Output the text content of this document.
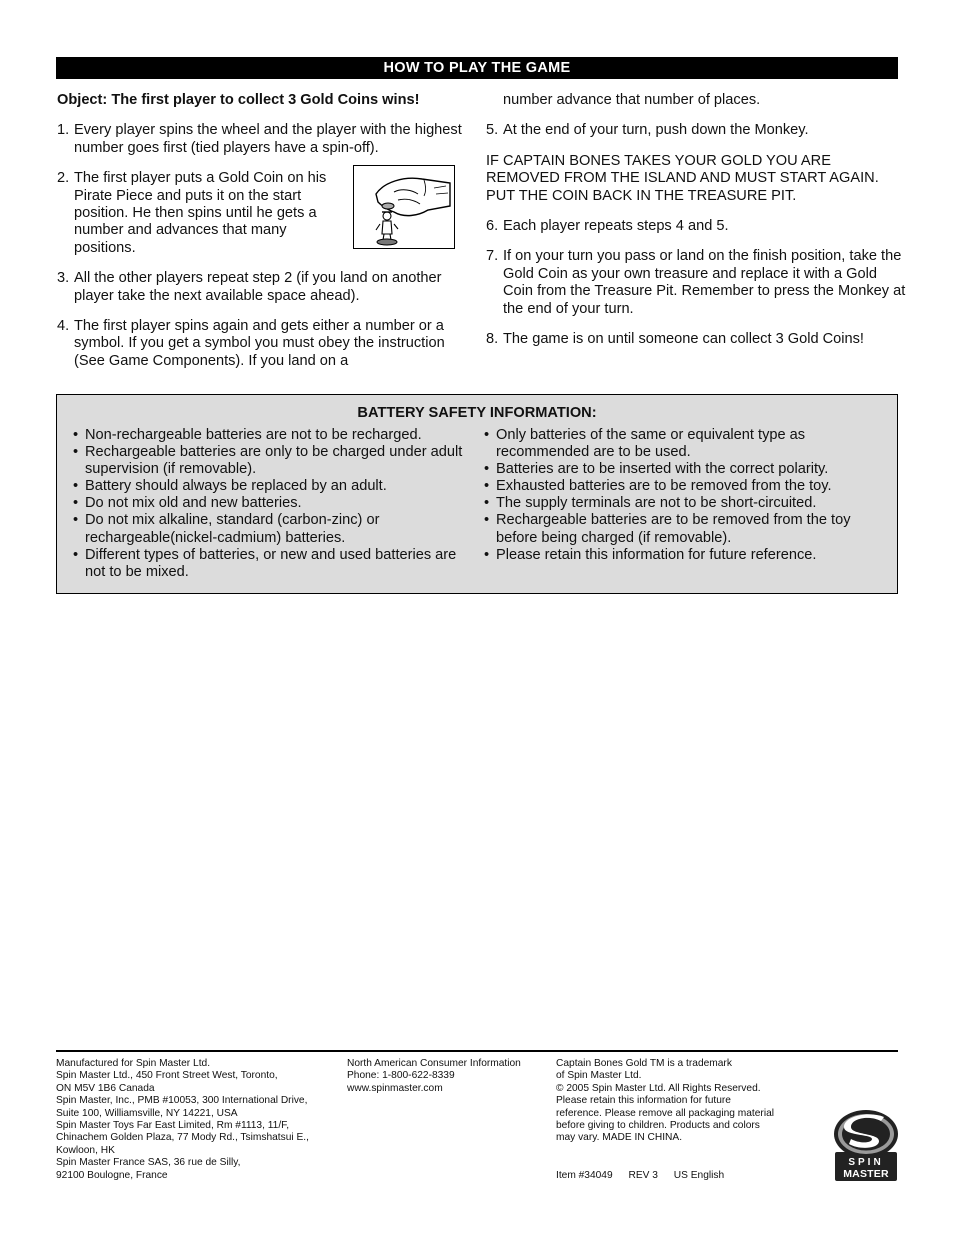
HOW TO PLAY THE GAME

Object: The first player to collect 3 Gold Coins wins!

1. Every player spins the wheel and the player with the highest number goes first (tied players have a spin-off).
2. The first player puts a Gold Coin on his Pirate Piece and puts it on the start position. He then spins until he gets a number and advances that many positions.
3. All the other players repeat step 2 (if you land on another player take the next available space ahead).
4. The first player spins again and gets either a number or a symbol. If you get a symbol you must obey the instruction (See Game Components). If you land on a

number advance that number of places.

5. At the end of your turn, push down the Monkey.

IF CAPTAIN BONES TAKES YOUR GOLD YOU ARE REMOVED FROM THE ISLAND AND MUST START AGAIN. PUT THE COIN BACK IN THE TREASURE PIT.

6. Each player repeats steps 4 and 5.
7. If on your turn you pass or land on the finish position, take the Gold Coin as your own treasure and replace it with a Gold Coin from the Treasure Pit. Remember to press the Monkey at the end of your turn.
8. The game is on until someone can collect 3 Gold Coins!
BATTERY SAFETY INFORMATION:
• Non-rechargeable batteries are not to be recharged.
• Rechargeable batteries are only to be charged under adult supervision (if removable).
• Battery should always be replaced by an adult.
• Do not mix old and new batteries.
• Do not mix alkaline, standard (carbon-zinc) or rechargeable(nickel-cadmium) batteries.
• Different types of batteries, or new and used batteries are not to be mixed.
• Only batteries of the same or equivalent type as recommended are to be used.
• Batteries are to be inserted with the correct polarity.
• Exhausted batteries are to be removed from the toy.
• The supply terminals are not to be short-circuited.
• Rechargeable batteries are to be removed from the toy before being charged (if removable).
• Please retain this information for future reference.
Manufactured for Spin Master Ltd.
Spin Master Ltd., 450 Front Street West, Toronto,
ON M5V 1B6 Canada
Spin Master, Inc., PMB #10053, 300 International Drive,
Suite 100, Williamsville, NY 14221, USA
Spin Master Toys Far East Limited, Rm #1113, 11/F,
Chinachem Golden Plaza, 77 Mody Rd., Tsimshatsui E.,
Kowloon, HK
Spin Master France SAS, 36 rue de Silly,
92100 Boulogne, France
North American Consumer Information
Phone: 1-800-622-8339
www.spinmaster.com
Captain Bones Gold TM is a trademark
of Spin Master Ltd.
© 2005 Spin Master Ltd. All Rights Reserved.
Please retain this information for future
reference. Please remove all packaging material
before giving to children. Products and colors
may vary. MADE IN CHINA.
Item #34049 REV 3 US English
SPIN
MASTER
